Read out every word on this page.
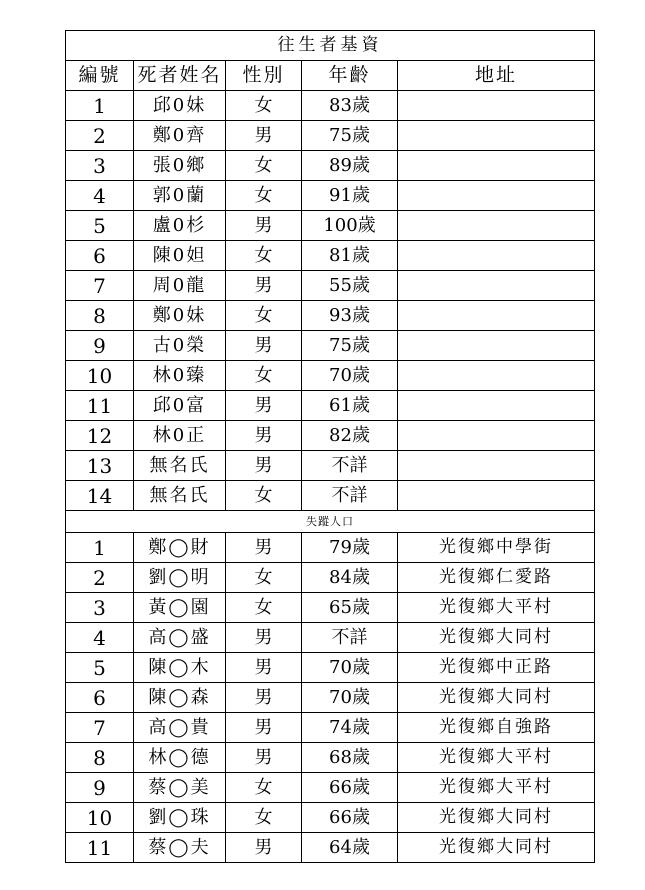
往生者基資				
編號	死者姓名	性別	年齡	地址
1	邱0妹	女	83歲	
2	鄭0齊	男	75歲	
3	張0鄉	女	89歲	
4	郭0蘭	女	91歲	
5	盧0杉	男	100歲	
6	陳0妲	女	81歲	
7	周0龍	男	55歲	
8	鄭0妹	女	93歲	
9	古0榮	男	75歲	
10	林0臻	女	70歲	
11	邱0富	男	61歲	
12	林0正	男	82歲	
13	無名氏	男	不詳	
14	無名氏	女	不詳	
失蹤人口				
1	鄭◯財	男	79歲	光復鄉中學街
2	劉◯明	女	84歲	光復鄉仁愛路
3	黃◯園	女	65歲	光復鄉大平村
4	高◯盛	男	不詳	光復鄉大同村
5	陳◯木	男	70歲	光復鄉中正路
6	陳◯森	男	70歲	光復鄉大同村
7	高◯貴	男	74歲	光復鄉自強路
8	林◯德	男	68歲	光復鄉大平村
9	蔡◯美	女	66歲	光復鄉大平村
10	劉◯珠	女	66歲	光復鄉大同村
11	蔡◯夫	男	64歲	光復鄉大同村
